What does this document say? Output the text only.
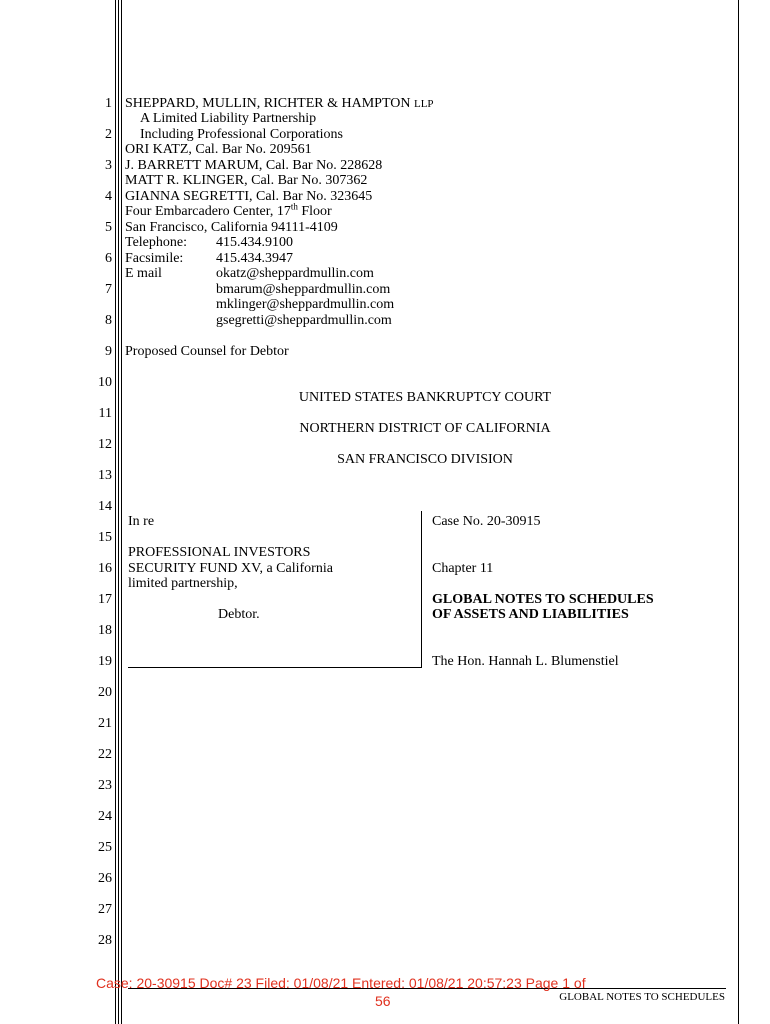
1
2
3
4
5
6
7
8
9
10
11
12
13
14
15
16
17
18
19
20
21
22
23
24
25
26
27
28
SHEPPARD, MULLIN, RICHTER & HAMPTON LLP
A Limited Liability Partnership
Including Professional Corporations
ORI KATZ, Cal. Bar No. 209561
J. BARRETT MARUM, Cal. Bar No. 228628
MATT R. KLINGER, Cal. Bar No. 307362
GIANNA SEGRETTI, Cal. Bar No. 323645
Four Embarcadero Center, 17th Floor
San Francisco, California 94111-4109
Telephone: 415.434.9100
Facsimile: 415.434.3947
E mail	okatz@sheppardmullin.com
bmarum@sheppardmullin.com
mklinger@sheppardmullin.com
gsegretti@sheppardmullin.com
Proposed Counsel for Debtor
UNITED STATES BANKRUPTCY COURT
NORTHERN DISTRICT OF CALIFORNIA
SAN FRANCISCO DIVISION
In re
PROFESSIONAL INVESTORS
SECURITY FUND XV, a California
limited partnership,
Debtor.
Case No. 20-30915
Chapter 11
GLOBAL NOTES TO SCHEDULES
OF ASSETS AND LIABILITIES
The Hon. Hannah L. Blumenstiel
GLOBAL NOTES TO SCHEDULES
Case: 20-30915 Doc# 23 Filed: 01/08/21 Entered: 01/08/21 20:57:23 Page 1 of
56
